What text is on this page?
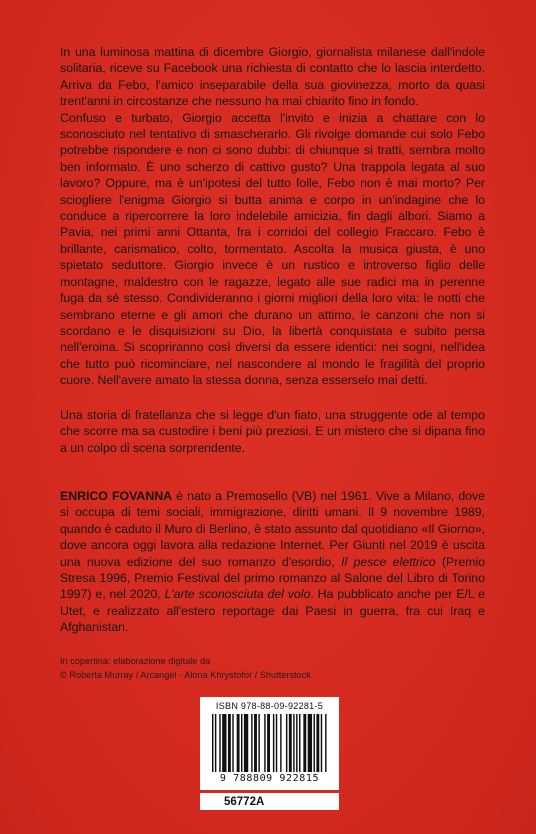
In una luminosa mattina di dicembre Giorgio, giornalista milanese dall'indole solitaria, riceve su Facebook una richiesta di contatto che lo lascia interdetto. Arriva da Febo, l'amico inseparabile della sua giovinezza, morto da quasi trent'anni in circostanze che nessuno ha mai chiarito fino in fondo.

Confuso e turbato, Giorgio accetta l'invito e inizia a chattare con lo sconosciuto nel tentativo di smascherarlo. Gli rivolge domande cui solo Febo potrebbe rispondere e non ci sono dubbi: di chiunque si tratti, sembra molto ben informato. È uno scherzo di cattivo gusto? Una trappola legata al suo lavoro? Oppure, ma è un'ipotesi del tutto folle, Febo non è mai morto? Per sciogliere l'enigma Giorgio si butta anima e corpo in un'indagine che lo conduce a ripercorrere la loro indelebile amicizia, fin dagli albori. Siamo a Pavia, nei primi anni Ottanta, fra i corridoi del collegio Fraccaro. Febo è brillante, carismatico, colto, tormentato. Ascolta la musica giusta, è uno spietato seduttore. Giorgio invece è un rustico e introverso figlio delle montagne, maldestro con le ragazze, legato alle sue radici ma in perenne fuga da sé stesso. Condivideranno i giorni migliori della loro vita: le notti che sembrano eterne e gli amori che durano un attimo, le canzoni che non si scordano e le disquisizioni su Dio, la libertà conquistata e subito persa nell'eroina. Si scopriranno così diversi da essere identici: nei sogni, nell'idea che tutto può ricominciare, nel nascondere al mondo le fragilità del proprio cuore. Nell'avere amato la stessa donna, senza esserselo mai detti.

Una storia di fratellanza che si legge d'un fiato, una struggente ode al tempo che scorre ma sa custodire i beni più preziosi. E un mistero che si dipana fino a un colpo di scena sorprendente.

ENRICO FOVANNA è nato a Premosello (VB) nel 1961. Vive a Milano, dove si occupa di temi sociali, immigrazione, diritti umani. Il 9 novembre 1989, quando è caduto il Muro di Berlino, è stato assunto dal quotidiano «Il Giorno», dove ancora oggi lavora alla redazione Internet. Per Giunti nel 2019 è uscita una nuova edizione del suo romanzo d'esordio, Il pesce elettrico (Premio Stresa 1996, Premio Festival del primo romanzo al Salone del Libro di Torino 1997) e, nel 2020, L'arte sconosciuta del volo. Ha pubblicato anche per E/L e Utet, e realizzato all'estero reportage dai Paesi in guerra, fra cui Iraq e Afghanistan.

In copertina: elaborazione digitale da
© Roberta Murray / Arcangel - Alona Khrystofor / Shutterstock
ISBN 978-88-09-92281-5
9 788809 922815
56772A
